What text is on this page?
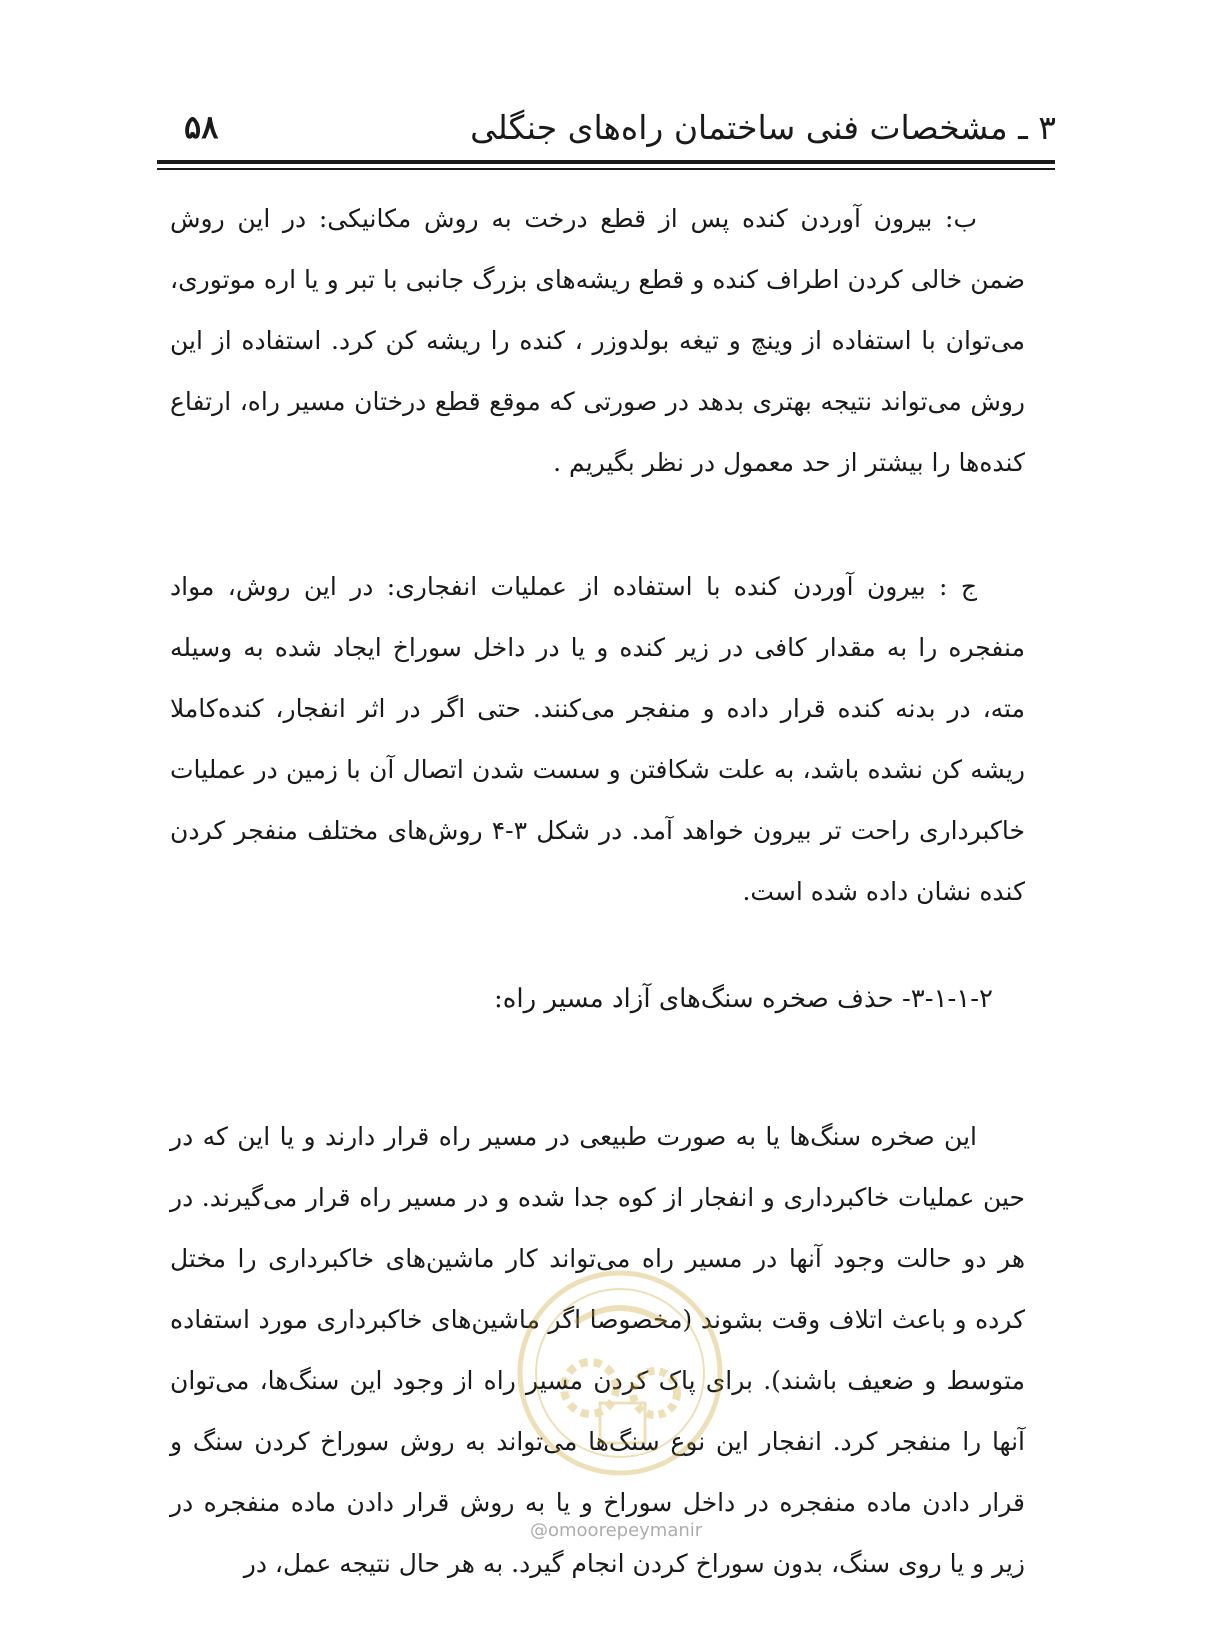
۳ ـ مشخصات فنی ساختمان راه‌های جنگلی
۵۸

ب: بیرون آوردن کنده پس از قطع درخت به روش مکانیکی: در این روش ضمن خالی کردن اطراف کنده و قطع ریشه‌های بزرگ جانبی با تبر و یا اره موتوری، می‌توان با استفاده از وینچ و تیغه بولدوزر ، کنده را ریشه کن کرد. استفاده از این روش می‌تواند نتیجه بهتری بدهد در صورتی که موقع قطع درختان مسیر راه، ارتفاع کنده‌ها را بیشتر از حد معمول در نظر بگیریم .

ج : بیرون آوردن کنده با استفاده از عملیات انفجاری: در این روش، مواد منفجره را به مقدار کافی در زیر کنده و یا در داخل سوراخ ایجاد شده به وسیله مته، در بدنه کنده قرار داده و منفجر می‌کنند. حتی اگر در اثر انفجار، کنده‌کاملا ریشه کن نشده باشد، به علت شکافتن و سست شدن اتصال آن با زمین در عملیات خاکبرداری راحت تر بیرون خواهد آمد. در شکل ۳-۴ روش‌های مختلف منفجر کردن کنده نشان داده شده است.

۳-۱-۱-۲- حذف صخره سنگ‌های آزاد مسیر راه:

این صخره سنگ‌ها یا به صورت طبیعی در مسیر راه قرار دارند و یا این که در حین عملیات خاکبرداری و انفجار از کوه جدا شده و در مسیر راه قرار می‌گیرند. در هر دو حالت وجود آنها در مسیر راه می‌تواند کار ماشین‌های خاکبرداری را مختل کرده و باعث اتلاف وقت بشوند (مخصوصا اگر ماشین‌های خاکبرداری مورد استفاده متوسط و ضعیف باشند). برای پاک کردن مسیر راه از وجود این سنگ‌ها، می‌توان آنها را منفجر کرد. انفجار این نوع سنگ‌ها می‌تواند به روش سوراخ کردن سنگ و قرار دادن ماده منفجره در داخل سوراخ و یا به روش قرار دادن ماده منفجره در زیر و یا روی سنگ، بدون سوراخ کردن انجام گیرد. به هر حال نتیجه عمل، در

@omoorepeymanir
